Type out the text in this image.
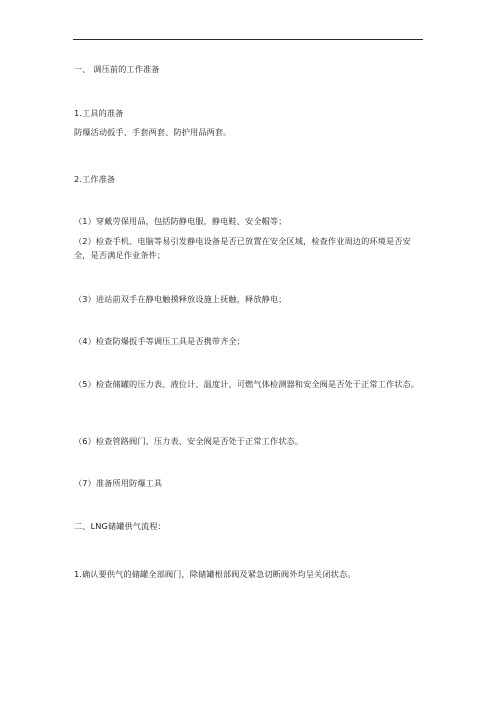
一、 调压前的工作准备
1.工具的准备
防爆活动扳手、手套两套、防护用品两套。
2.工作准备
（1）穿戴劳保用品，包括防静电服，静电鞋、安全帽等；
（2）检查手机、电脑等易引发静电设备是否已放置在安全区域，检查作业周边的环境是否安全，是否满足作业条件；
（3）进站前双手在静电触摸释放设施上抚触，释放静电；
（4）检查防爆扳手等调压工具是否携带齐全；
（5）检查储罐的压力表、液位计、温度计、可燃气体检测器和安全阀是否处于正常工作状态。
（6）检查管路阀门、压力表、安全阀是否处于正常工作状态。
（7）准备所用防爆工具
二、LNG储罐供气流程：
1.确认要供气的储罐全部阀门，除储罐根部阀及紧急切断阀外均呈关闭状态。
